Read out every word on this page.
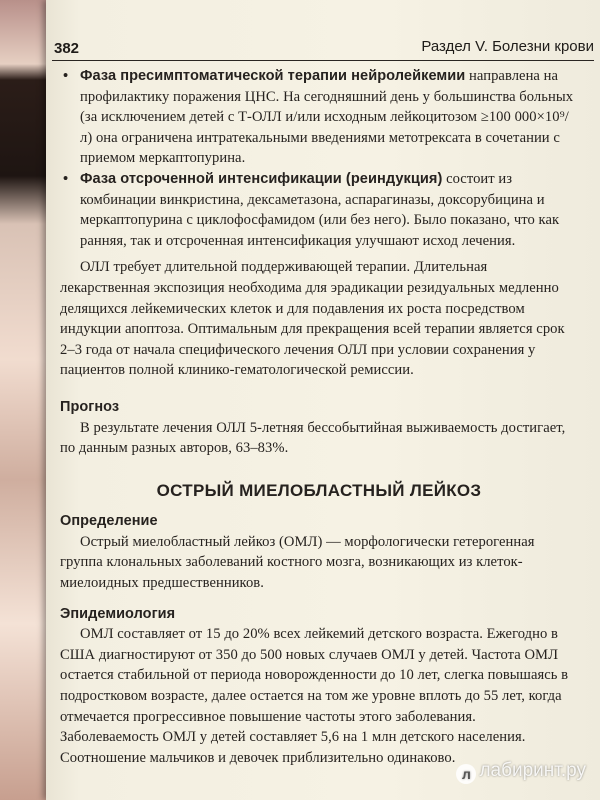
382	Раздел V. Болезни крови

• Фаза пресимптоматической терапии нейролейкемии направлена на профилактику поражения ЦНС. На сегодняшний день у большинства больных (за исключением детей с Т-ОЛЛ и/или исходным лейкоцитозом ≥100 000×10⁹/л) она ограничена интратекальными введениями метотрексата в сочетании с приемом меркаптопурина.

• Фаза отсроченной интенсификации (реиндукция) состоит из комбинации винкристина, дексаметазона, аспарагиназы, доксорубицина и меркаптопурина с циклофосфамидом (или без него). Было показано, что как ранняя, так и отсроченная интенсификация улучшают исход лечения.

ОЛЛ требует длительной поддерживающей терапии. Длительная лекарственная экспозиция необходима для эрадикации резидуальных медленно делящихся лейкемических клеток и для подавления их роста посредством индукции апоптоза. Оптимальным для прекращения всей терапии является срок 2–3 года от начала специфического лечения ОЛЛ при условии сохранения у пациентов полной клинико-гематологической ремиссии.

Прогноз

В результате лечения ОЛЛ 5-летняя бессобытийная выживаемость достигает, по данным разных авторов, 63–83%.

ОСТРЫЙ МИЕЛОБЛАСТНЫЙ ЛЕЙКОЗ
Определение

Острый миелобластный лейкоз (ОМЛ) — морфологически гетерогенная группа клональных заболеваний костного мозга, возникающих из клеток-миелоидных предшественников.

Эпидемиология

ОМЛ составляет от 15 до 20% всех лейкемий детского возраста. Ежегодно в США диагностируют от 350 до 500 новых случаев ОМЛ у детей. Частота ОМЛ остается стабильной от периода новорожденности до 10 лет, слегка повышаясь в подростковом возрасте, далее остается на том же уровне вплоть до 55 лет, когда отмечается прогрессивное повышение частоты этого заболевания. Заболеваемость ОМЛ у детей составляет 5,6 на 1 млн детского населения. Соотношение мальчиков и девочек приблизительно одинаково.

л лабиринт.ру
